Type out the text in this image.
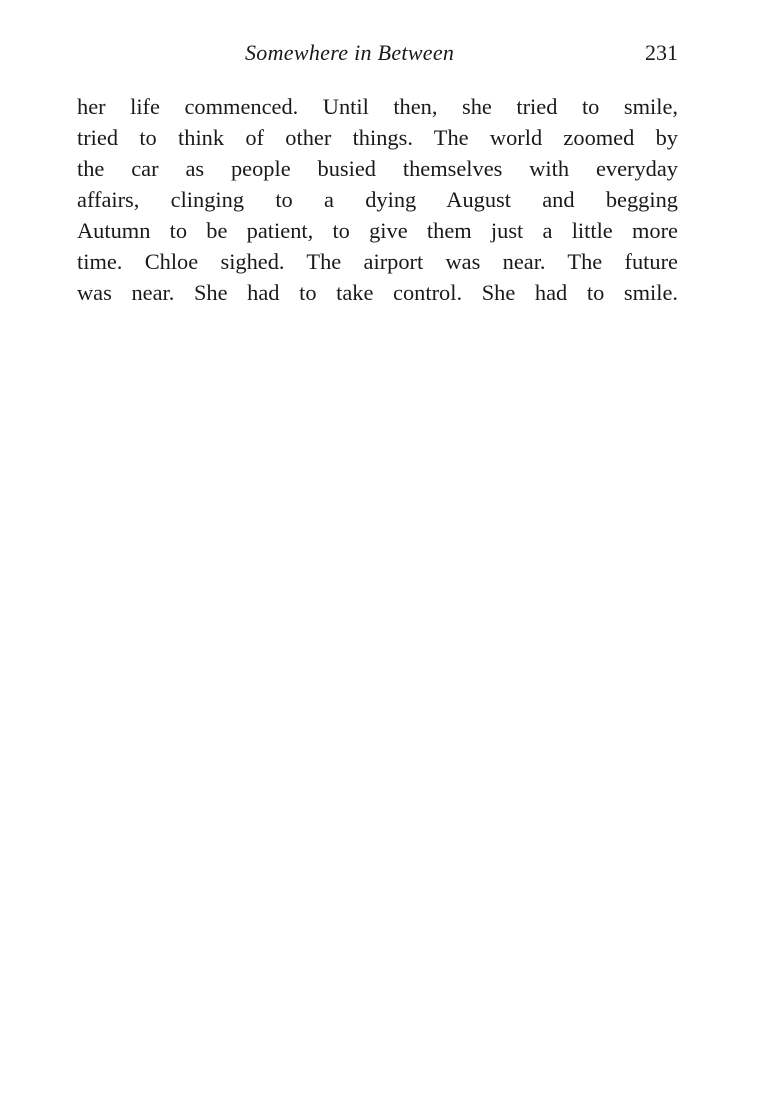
Somewhere in Between	231
her life commenced. Until then, she tried to smile,
tried to think of other things. The world zoomed by
the car as people busied themselves with everyday
affairs, clinging to a dying August and begging
Autumn to be patient, to give them just a little more
time. Chloe sighed. The airport was near. The future
was near. She had to take control. She had to smile.
